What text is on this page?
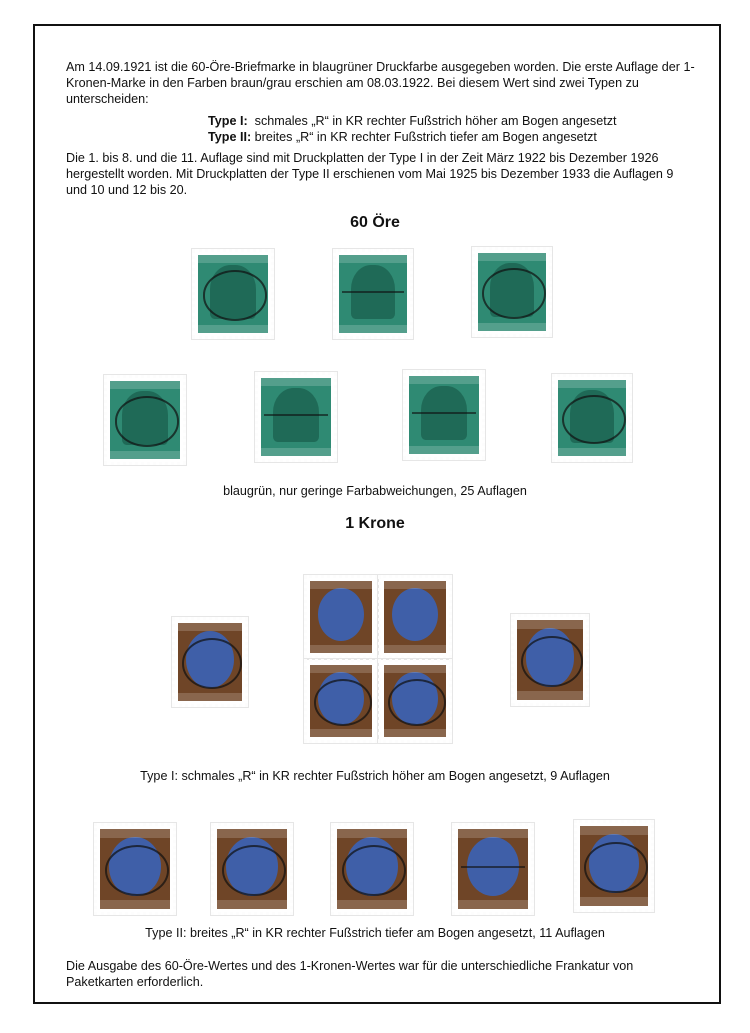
Am 14.09.1921 ist die 60-Öre-Briefmarke in blaugrüner Druckfarbe ausgegeben worden. Die erste Auflage der 1-Kronen-Marke in den Farben braun/grau erschien am 08.03.1922. Bei diesem Wert sind zwei Typen zu unterscheiden:
Type I: schmales „R“ in KR rechter Fußstrich höher am Bogen angesetzt
Type II: breites „R“ in KR rechter Fußstrich tiefer am Bogen angesetzt
Die 1. bis 8. und die 11. Auflage sind mit Druckplatten der Type I in der Zeit März 1922 bis Dezember 1926 hergestellt worden. Mit Druckplatten der Type II erschienen vom Mai 1925 bis Dezember 1933 die Auflagen 9 und 10 und 12 bis 20.
60 Öre
blaugrün, nur geringe Farbabweichungen, 25 Auflagen
1 Krone
Type I: schmales „R“ in KR rechter Fußstrich höher am Bogen angesetzt, 9 Auflagen
Type II: breites „R“ in KR rechter Fußstrich tiefer am Bogen angesetzt, 11 Auflagen
Die Ausgabe des 60-Öre-Wertes und des 1-Kronen-Wertes war für die unterschiedliche Frankatur von Paketkarten erforderlich.
